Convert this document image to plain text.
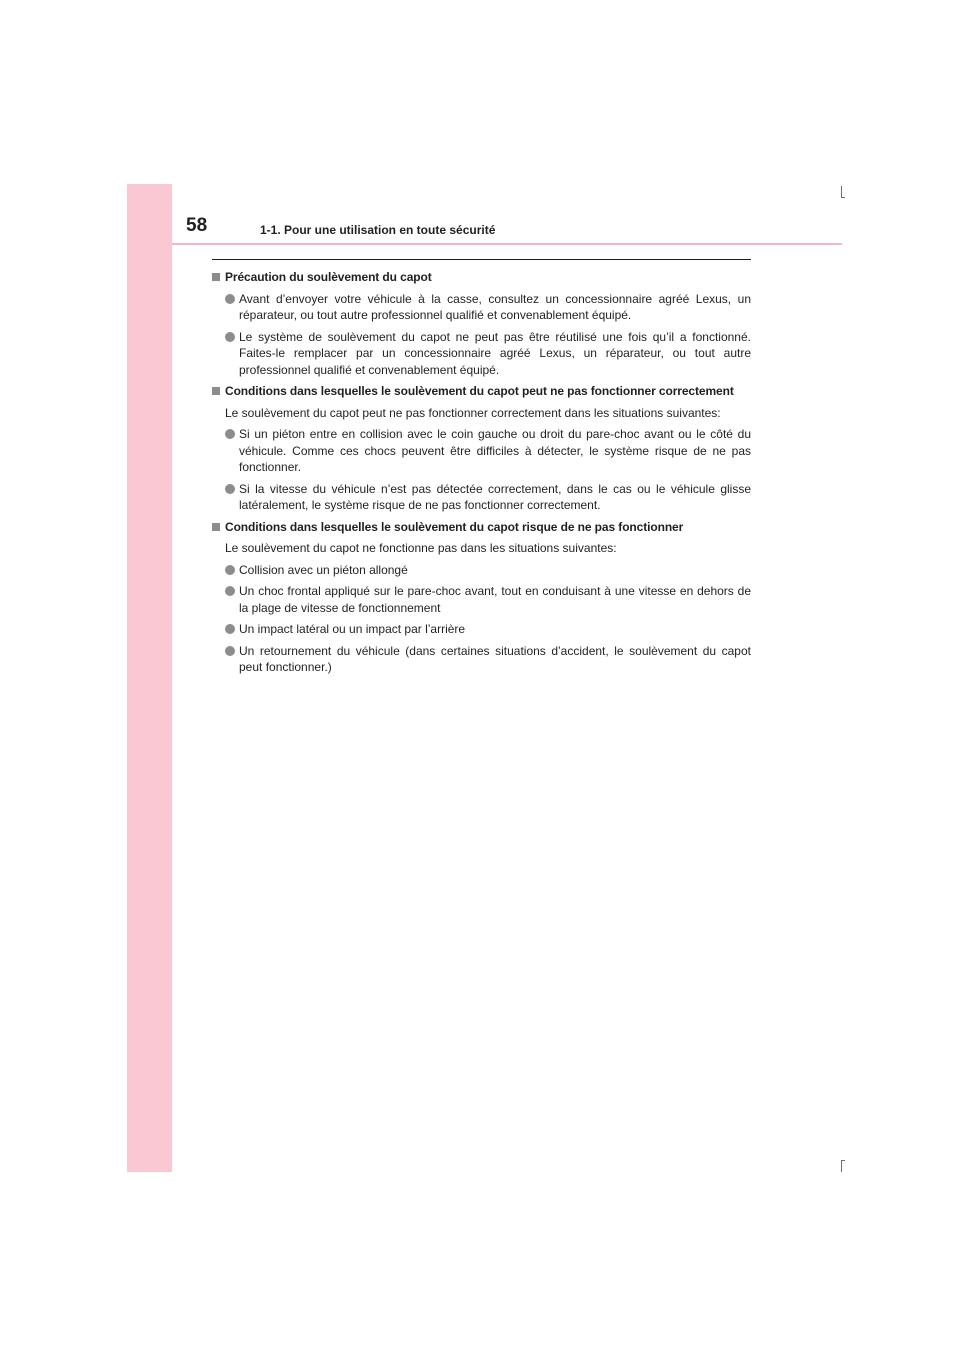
58	1-1. Pour une utilisation en toute sécurité
Précaution du soulèvement du capot
Avant d’envoyer votre véhicule à la casse, consultez un concessionnaire agréé Lexus, un réparateur, ou tout autre professionnel qualifié et convenablement équipé.
Le système de soulèvement du capot ne peut pas être réutilisé une fois qu’il a fonctionné. Faites-le remplacer par un concessionnaire agréé Lexus, un réparateur, ou tout autre professionnel qualifié et convenablement équipé.
Conditions dans lesquelles le soulèvement du capot peut ne pas fonctionner correctement
Le soulèvement du capot peut ne pas fonctionner correctement dans les situations suivantes:
Si un piéton entre en collision avec le coin gauche ou droit du pare-choc avant ou le côté du véhicule. Comme ces chocs peuvent être difficiles à détecter, le système risque de ne pas fonctionner.
Si la vitesse du véhicule n’est pas détectée correctement, dans le cas ou le véhicule glisse latéralement, le système risque de ne pas fonctionner correctement.
Conditions dans lesquelles le soulèvement du capot risque de ne pas fonctionner
Le soulèvement du capot ne fonctionne pas dans les situations suivantes:
Collision avec un piéton allongé
Un choc frontal appliqué sur le pare-choc avant, tout en conduisant à une vitesse en dehors de la plage de vitesse de fonctionnement
Un impact latéral ou un impact par l’arrière
Un retournement du véhicule (dans certaines situations d’accident, le soulèvement du capot peut fonctionner.)
